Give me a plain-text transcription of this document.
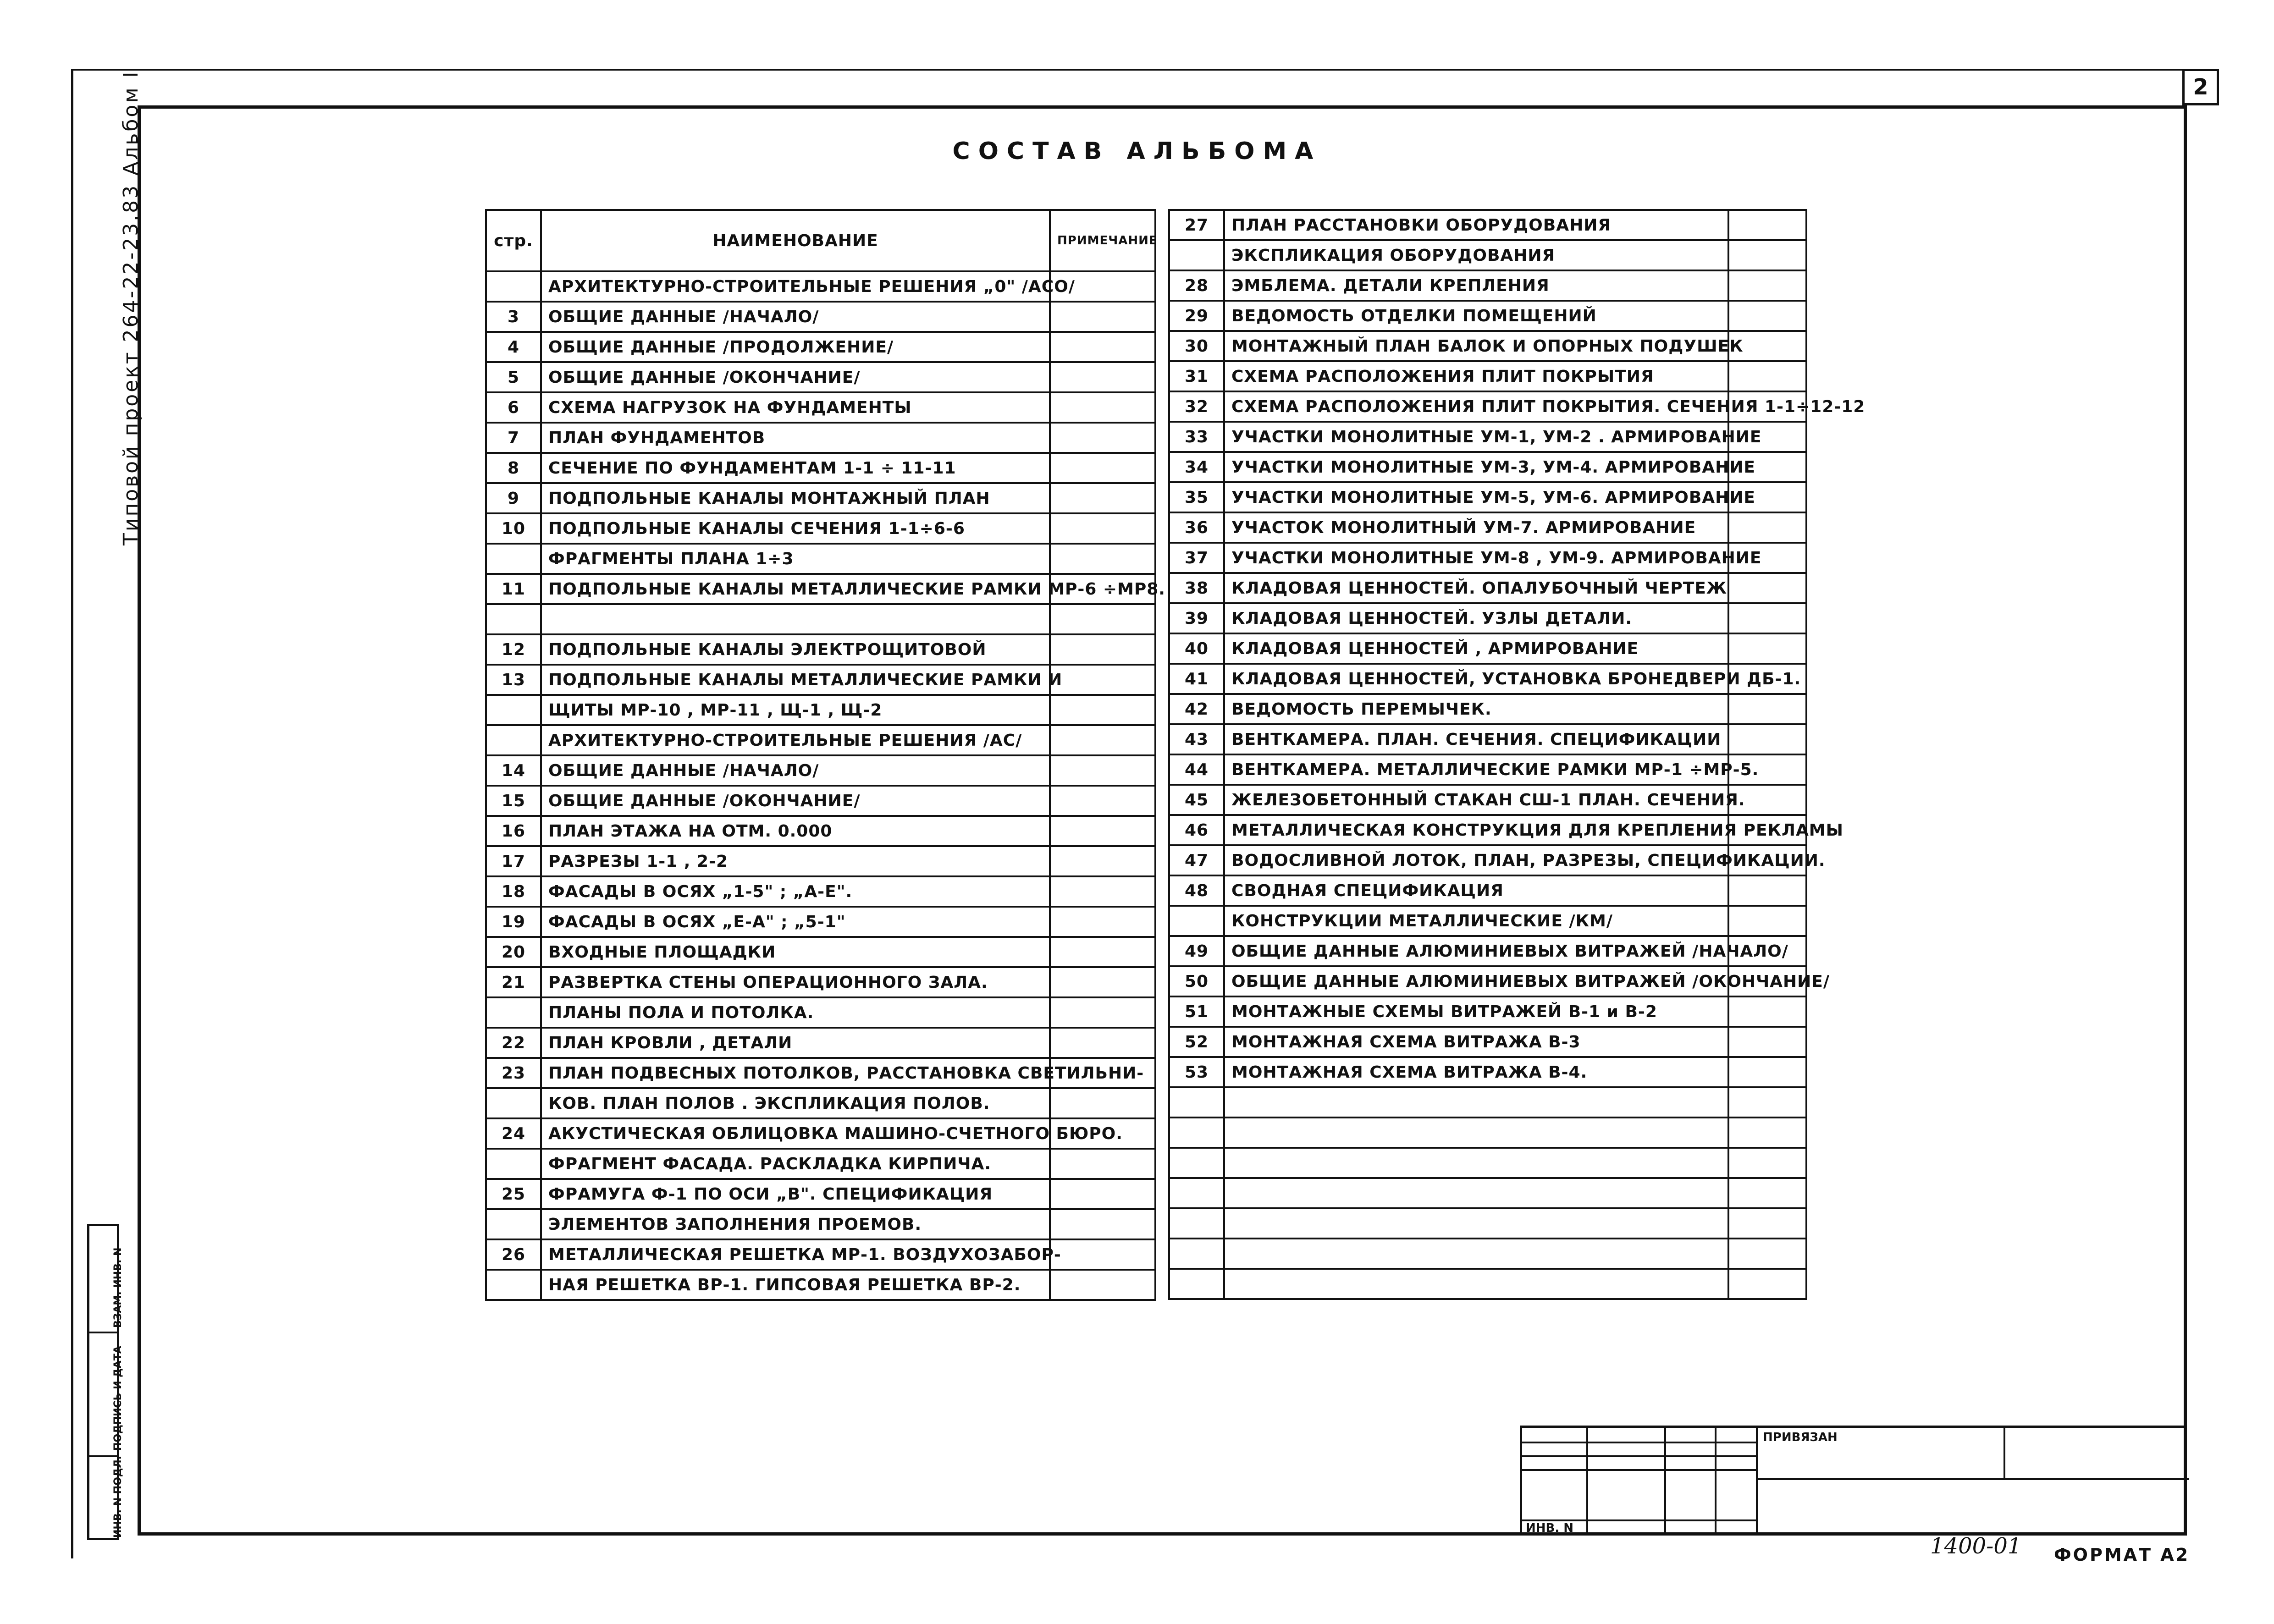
2
Типовой проект 264-22-23.83 Альбом I
ИНВ. N ПОДЛ.
ПОДПИСЬ И ДАТА
ВЗАМ. ИНВ. N
СОСТАВ АЛЬБОМА
стр.	НАИМЕНОВАНИЕ	ПРИМЕЧАНИЕ
	АРХИТЕКТУРНО-СТРОИТЕЛЬНЫЕ РЕШЕНИЯ „0" /АСО/	
3	ОБЩИЕ ДАННЫЕ /НАЧАЛО/	
4	ОБЩИЕ ДАННЫЕ /ПРОДОЛЖЕНИЕ/	
5	ОБЩИЕ ДАННЫЕ /ОКОНЧАНИЕ/	
6	СХЕМА НАГРУЗОК НА ФУНДАМЕНТЫ	
7	ПЛАН ФУНДАМЕНТОВ	
8	СЕЧЕНИЕ ПО ФУНДАМЕНТАМ 1-1 ÷ 11-11	
9	ПОДПОЛЬНЫЕ КАНАЛЫ МОНТАЖНЫЙ ПЛАН	
10	ПОДПОЛЬНЫЕ КАНАЛЫ СЕЧЕНИЯ 1-1÷6-6	
	ФРАГМЕНТЫ ПЛАНА 1÷3	
11	ПОДПОЛЬНЫЕ КАНАЛЫ МЕТАЛЛИЧЕСКИЕ РАМКИ МР-6 ÷МР8.	

12	ПОДПОЛЬНЫЕ КАНАЛЫ ЭЛЕКТРОЩИТОВОЙ	
13	ПОДПОЛЬНЫЕ КАНАЛЫ МЕТАЛЛИЧЕСКИЕ РАМКИ И	
	ЩИТЫ МР-10 , МР-11 , Щ-1 , Щ-2	
	АРХИТЕКТУРНО-СТРОИТЕЛЬНЫЕ РЕШЕНИЯ /АС/	
14	ОБЩИЕ ДАННЫЕ /НАЧАЛО/	
15	ОБЩИЕ ДАННЫЕ /ОКОНЧАНИЕ/	
16	ПЛАН ЭТАЖА НА ОТМ. 0.000	
17	РАЗРЕЗЫ 1-1 , 2-2	
18	ФАСАДЫ В ОСЯХ „1-5" ; „А-Е".	
19	ФАСАДЫ В ОСЯХ „Е-А" ; „5-1"	
20	ВХОДНЫЕ ПЛОЩАДКИ	
21	РАЗВЕРТКА СТЕНЫ ОПЕРАЦИОННОГО ЗАЛА.	
	ПЛАНЫ ПОЛА И ПОТОЛКА.	
22	ПЛАН КРОВЛИ , ДЕТАЛИ	
23	ПЛАН ПОДВЕСНЫХ ПОТОЛКОВ, РАССТАНОВКА СВЕТИЛЬНИ-	
	КОВ. ПЛАН ПОЛОВ . ЭКСПЛИКАЦИЯ ПОЛОВ.	
24	АКУСТИЧЕСКАЯ ОБЛИЦОВКА МАШИНО-СЧЕТНОГО БЮРО.	
	ФРАГМЕНТ ФАСАДА. РАСКЛАДКА КИРПИЧА.	
25	ФРАМУГА Ф-1 ПО ОСИ „В". СПЕЦИФИКАЦИЯ	
	ЭЛЕМЕНТОВ ЗАПОЛНЕНИЯ ПРОЕМОВ.	
26	МЕТАЛЛИЧЕСКАЯ РЕШЕТКА МР-1. ВОЗДУХОЗАБОР-	
	НАЯ РЕШЕТКА ВР-1. ГИПСОВАЯ РЕШЕТКА ВР-2.	
27	ПЛАН РАССТАНОВКИ ОБОРУДОВАНИЯ	
	ЭКСПЛИКАЦИЯ ОБОРУДОВАНИЯ	
28	ЭМБЛЕМА. ДЕТАЛИ КРЕПЛЕНИЯ	
29	ВЕДОМОСТЬ ОТДЕЛКИ ПОМЕЩЕНИЙ	
30	МОНТАЖНЫЙ ПЛАН БАЛОК И ОПОРНЫХ ПОДУШЕК	
31	СХЕМА РАСПОЛОЖЕНИЯ ПЛИТ ПОКРЫТИЯ	
32	СХЕМА РАСПОЛОЖЕНИЯ ПЛИТ ПОКРЫТИЯ. СЕЧЕНИЯ 1-1÷12-12	
33	УЧАСТКИ МОНОЛИТНЫЕ УМ-1, УМ-2 . АРМИРОВАНИЕ	
34	УЧАСТКИ МОНОЛИТНЫЕ УМ-3, УМ-4. АРМИРОВАНИЕ	
35	УЧАСТКИ МОНОЛИТНЫЕ УМ-5, УМ-6. АРМИРОВАНИЕ	
36	УЧАСТОК МОНОЛИТНЫЙ УМ-7. АРМИРОВАНИЕ	
37	УЧАСТКИ МОНОЛИТНЫЕ УМ-8 , УМ-9. АРМИРОВАНИЕ	
38	КЛАДОВАЯ ЦЕННОСТЕЙ. ОПАЛУБОЧНЫЙ ЧЕРТЕЖ	
39	КЛАДОВАЯ ЦЕННОСТЕЙ. УЗЛЫ ДЕТАЛИ.	
40	КЛАДОВАЯ ЦЕННОСТЕЙ , АРМИРОВАНИЕ	
41	КЛАДОВАЯ ЦЕННОСТЕЙ, УСТАНОВКА БРОНЕДВЕРИ ДБ-1.	
42	ВЕДОМОСТЬ ПЕРЕМЫЧЕК.	
43	ВЕНТКАМЕРА. ПЛАН. СЕЧЕНИЯ. СПЕЦИФИКАЦИИ	
44	ВЕНТКАМЕРА. МЕТАЛЛИЧЕСКИЕ РАМКИ МР-1 ÷МР-5.	
45	ЖЕЛЕЗОБЕТОННЫЙ СТАКАН СШ-1 ПЛАН. СЕЧЕНИЯ.	
46	МЕТАЛЛИЧЕСКАЯ КОНСТРУКЦИЯ ДЛЯ КРЕПЛЕНИЯ РЕКЛАМЫ	
47	ВОДОСЛИВНОЙ ЛОТОК, ПЛАН, РАЗРЕЗЫ, СПЕЦИФИКАЦИИ.	
48	СВОДНАЯ СПЕЦИФИКАЦИЯ	
	КОНСТРУКЦИИ МЕТАЛЛИЧЕСКИЕ /КМ/	
49	ОБЩИЕ ДАННЫЕ АЛЮМИНИЕВЫХ ВИТРАЖЕЙ /НАЧАЛО/	
50	ОБЩИЕ ДАННЫЕ АЛЮМИНИЕВЫХ ВИТРАЖЕЙ /ОКОНЧАНИЕ/	
51	МОНТАЖНЫЕ СХЕМЫ ВИТРАЖЕЙ В-1 и В-2	
52	МОНТАЖНАЯ СХЕМА ВИТРАЖА В-3	
53	МОНТАЖНАЯ СХЕМА ВИТРАЖА В-4.	

ПРИВЯЗАН
ИНВ. N
1400-01 ФОРМАТ А2
